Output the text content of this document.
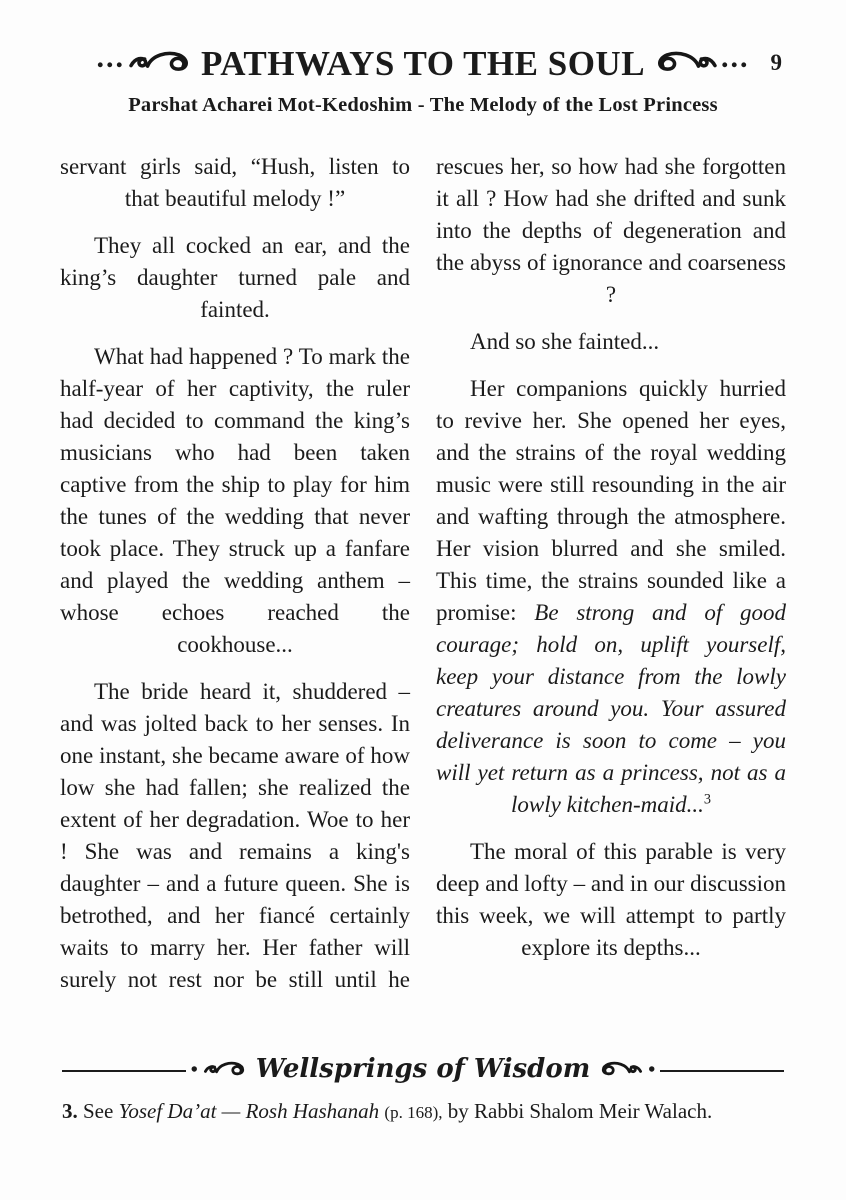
... PATHWAYS TO THE SOUL	... 9
Parshat Acharei Mot-Kedoshim - The Melody of the Lost Princess

servant girls said, “Hush, listen to that beautiful melody !”

They all cocked an ear, and the king’s daughter turned pale and fainted.

What had happened ? To mark the half-year of her captivity, the ruler had decided to command the king’s musicians who had been taken captive from the ship to play for him the tunes of the wedding that never took place. They struck up a fanfare and played the wedding anthem – whose echoes reached the cookhouse...

The bride heard it, shuddered – and was jolted back to her senses. In one instant, she became aware of how low she had fallen; she realized the extent of her degradation. Woe to her ! She was and remains a king's daughter – and a future queen. She is betrothed, and her fiancé certainly waits to marry her. Her father will surely not rest nor be still until he

rescues her, so how had she forgotten it all ? How had she drifted and sunk into the depths of degeneration and the abyss of ignorance and coarseness ?

And so she fainted...

Her companions quickly hurried to revive her. She opened her eyes, and the strains of the royal wedding music were still resounding in the air and wafting through the atmosphere. Her vision blurred and she smiled. This time, the strains sounded like a promise: Be strong and of good courage; hold on, uplift yourself, keep your distance from the lowly creatures around you. Your assured deliverance is soon to come – you will yet return as a princess, not as a lowly kitchen-maid...$^3$

The moral of this parable is very deep and lofty – and in our discussion this week, we will attempt to partly explore its depths...

• Wellsprings of Wisdom	•

3. See Yosef Da’at — Rosh Hashanah (p. 168), by Rabbi Shalom Meir Walach.
